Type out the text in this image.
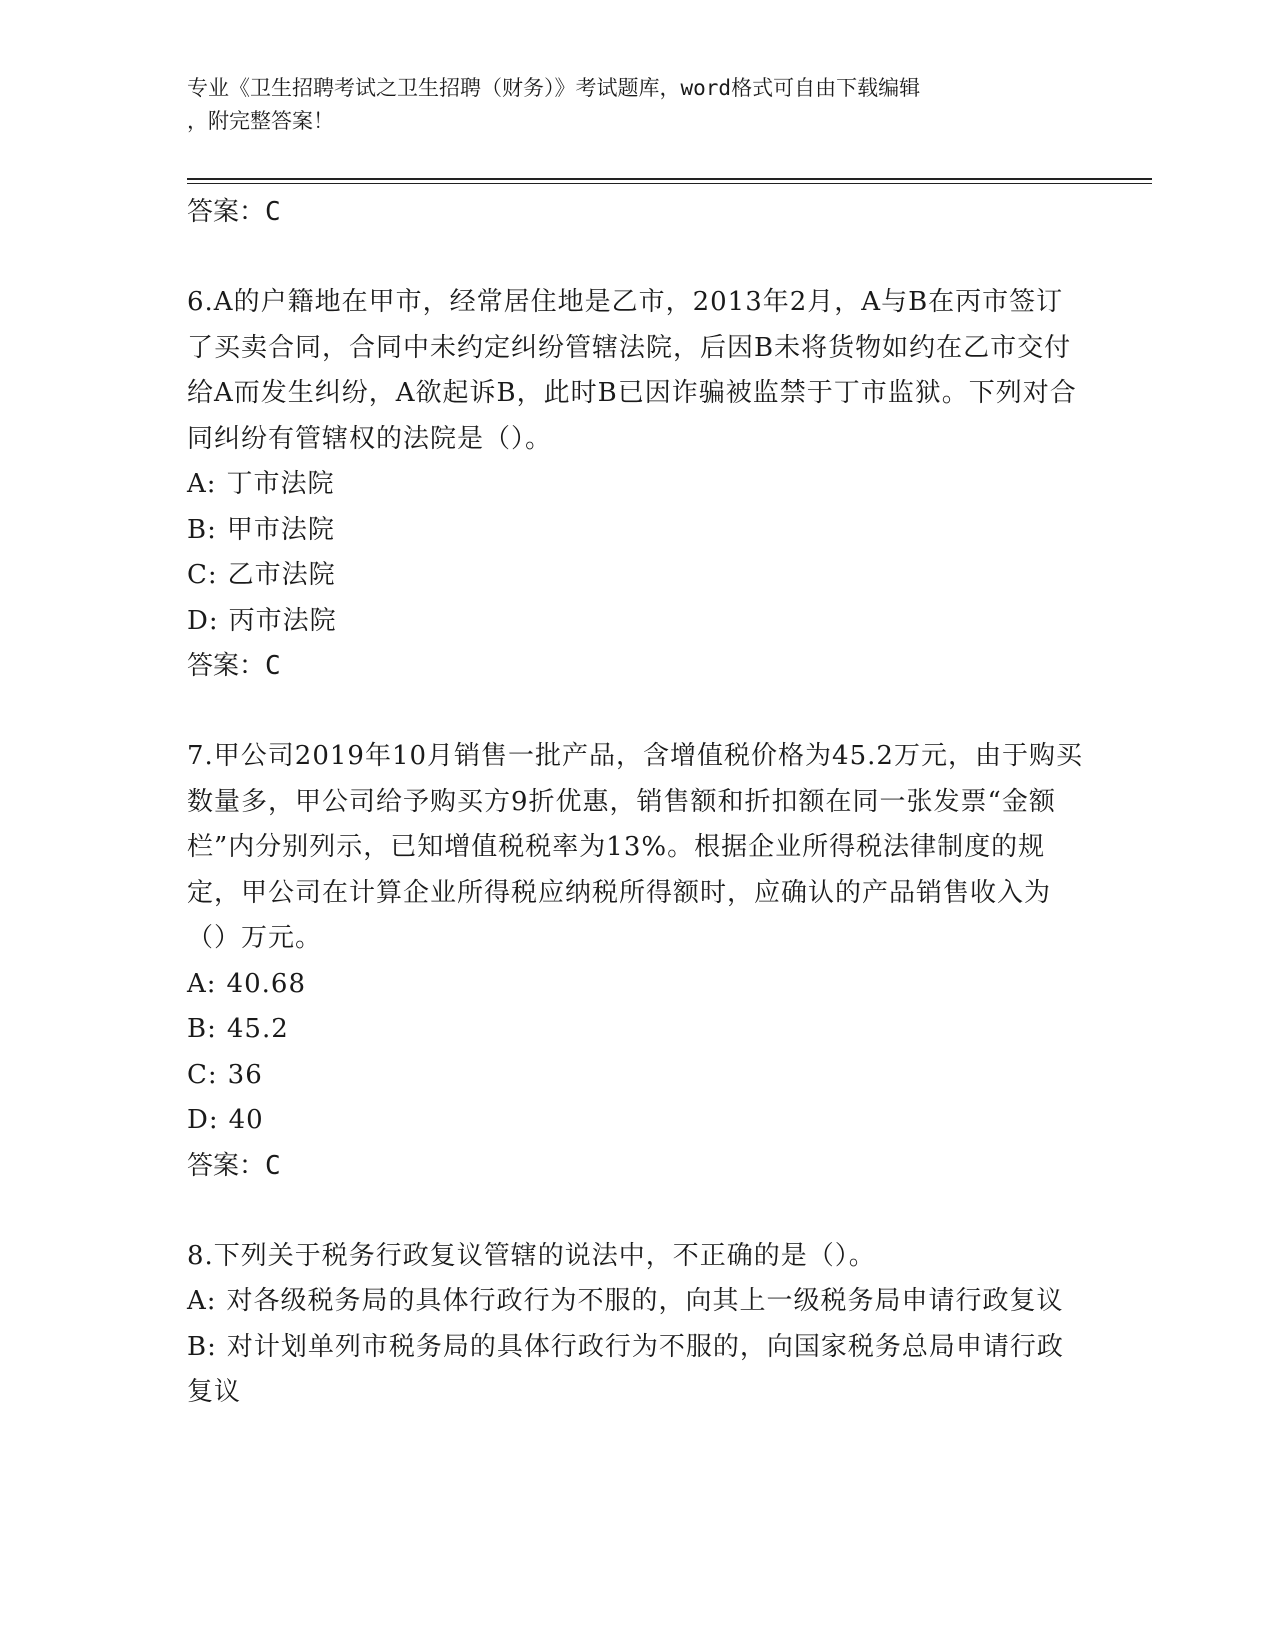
专业《卫生招聘考试之卫生招聘（财务）》考试题库，word格式可自由下载编辑
，附完整答案！

答案：C

6.A的户籍地在甲市，经常居住地是乙市，2013年2月，A与B在丙市签订了买卖合同，合同中未约定纠纷管辖法院，后因B未将货物如约在乙市交付给A而发生纠纷，A欲起诉B，此时B已因诈骗被监禁于丁市监狱。下列对合同纠纷有管辖权的法院是（）。

A: 丁市法院

B: 甲市法院

C: 乙市法院

D: 丙市法院

答案：C

7.甲公司2019年10月销售一批产品，含增值税价格为45.2万元，由于购买数量多，甲公司给予购买方9折优惠，销售额和折扣额在同一张发票“金额栏”内分别列示，已知增值税税率为13%。根据企业所得税法律制度的规定，甲公司在计算企业所得税应纳税所得额时，应确认的产品销售收入为（）万元。

A: 40.68

B: 45.2

C: 36

D: 40

答案：C

8.下列关于税务行政复议管辖的说法中，不正确的是（）。

A: 对各级税务局的具体行政行为不服的，向其上一级税务局申请行政复议

B: 对计划单列市税务局的具体行政行为不服的，向国家税务总局申请行政复议
